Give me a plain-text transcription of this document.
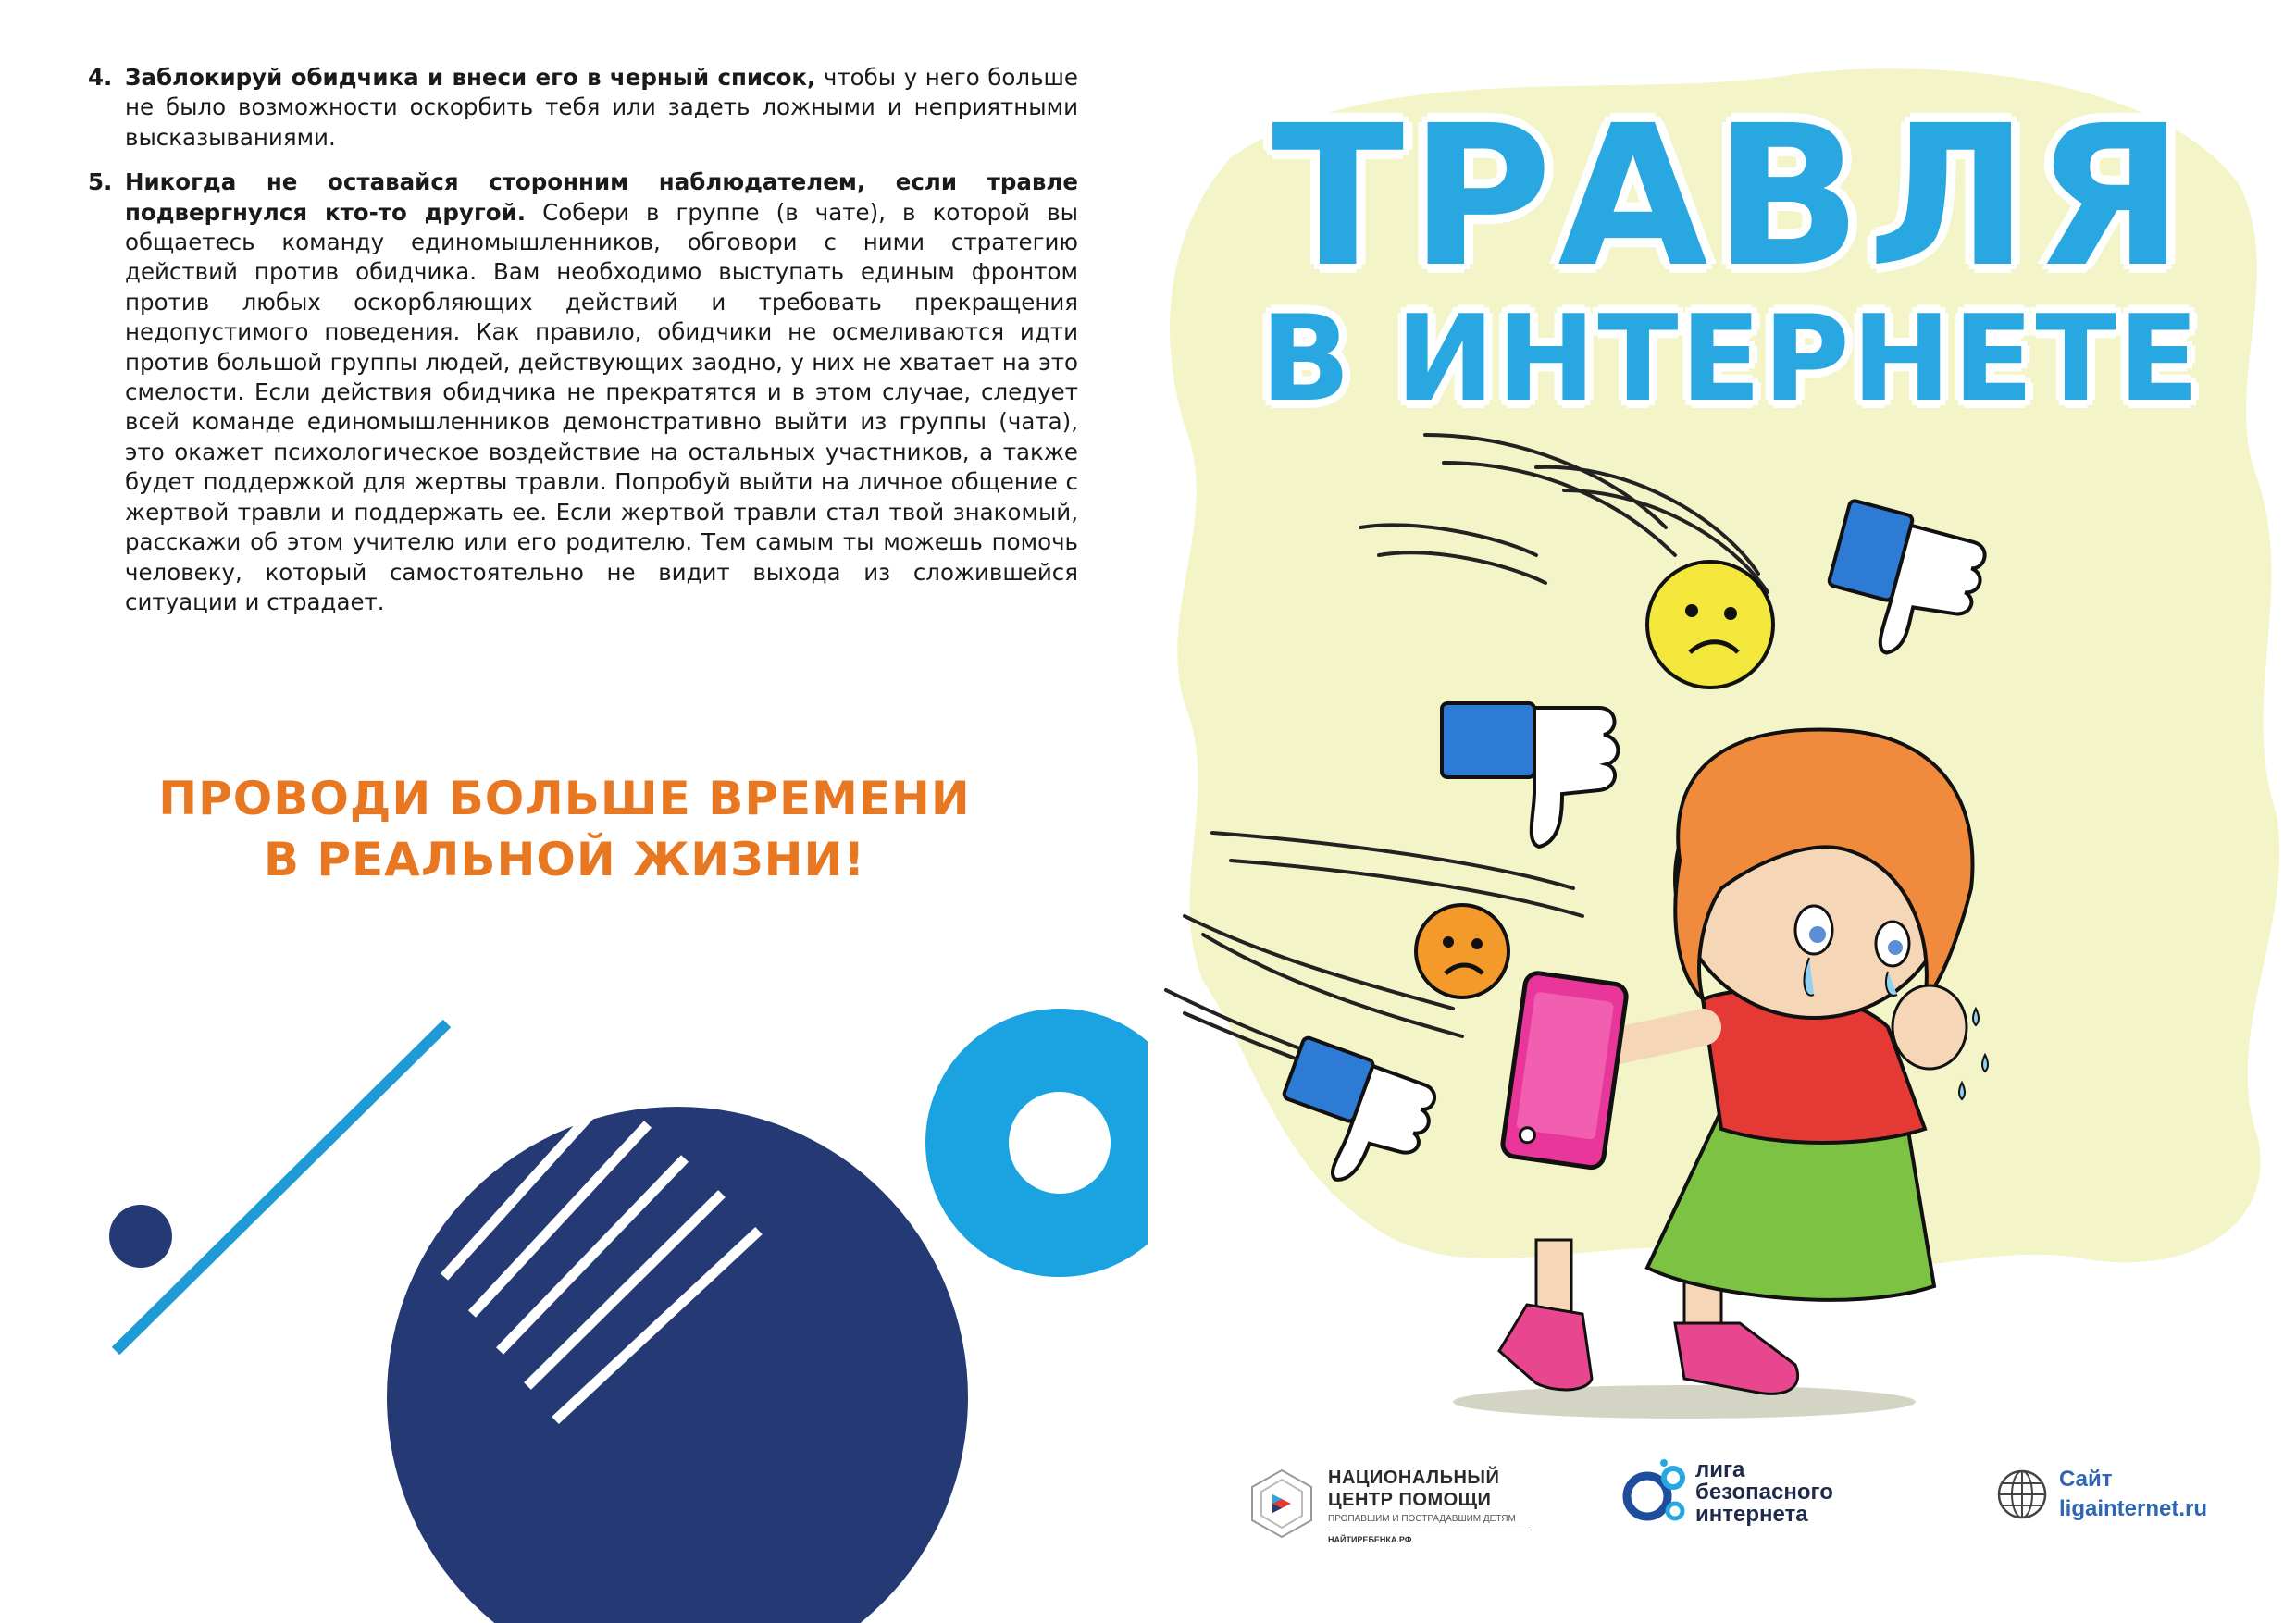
4. Заблокируй обидчика и внеси его в черный список, чтобы у него больше не было возможности оскорбить тебя или задеть ложными и неприятными высказываниями.
5. Никогда не оставайся сторонним наблюдателем, если травле подвергнулся кто-то другой. Собери в группе (в чате), в которой вы общаетесь команду единомышленников, обговори с ними стратегию действий против обидчика. Вам необходимо выступать единым фронтом против любых оскорбляющих действий и требовать прекращения недопустимого поведения. Как правило, обидчики не осмеливаются идти против большой группы людей, действующих заодно, у них не хватает на это смелости. Если действия обидчика не прекратятся и в этом случае, следует всей команде единомышленников демонстративно выйти из группы (чата), это окажет психологическое воздействие на остальных участников, а также будет поддержкой для жертвы травли. Попробуй выйти на личное общение с жертвой травли и поддержать ее. Если жертвой травли стал твой знакомый, расскажи об этом учителю или его родителю. Тем самым ты можешь помочь человеку, который самостоятельно не видит выхода из сложившейся ситуации и страдает.
ПРОВОДИ БОЛЬШЕ ВРЕМЕНИ
В РЕАЛЬНОЙ ЖИЗНИ!
ТРАВЛЯ
В ИНТЕРНЕТЕ
НАЦИОНАЛЬНЫЙ
ЦЕНТР ПОМОЩИ
ПРОПАВШИМ И ПОСТРАДАВШИМ ДЕТЯМ
НАЙТИРЕБЕНКА.РФ
лига
безопасного
интернета
Сайт
ligainternet.ru
